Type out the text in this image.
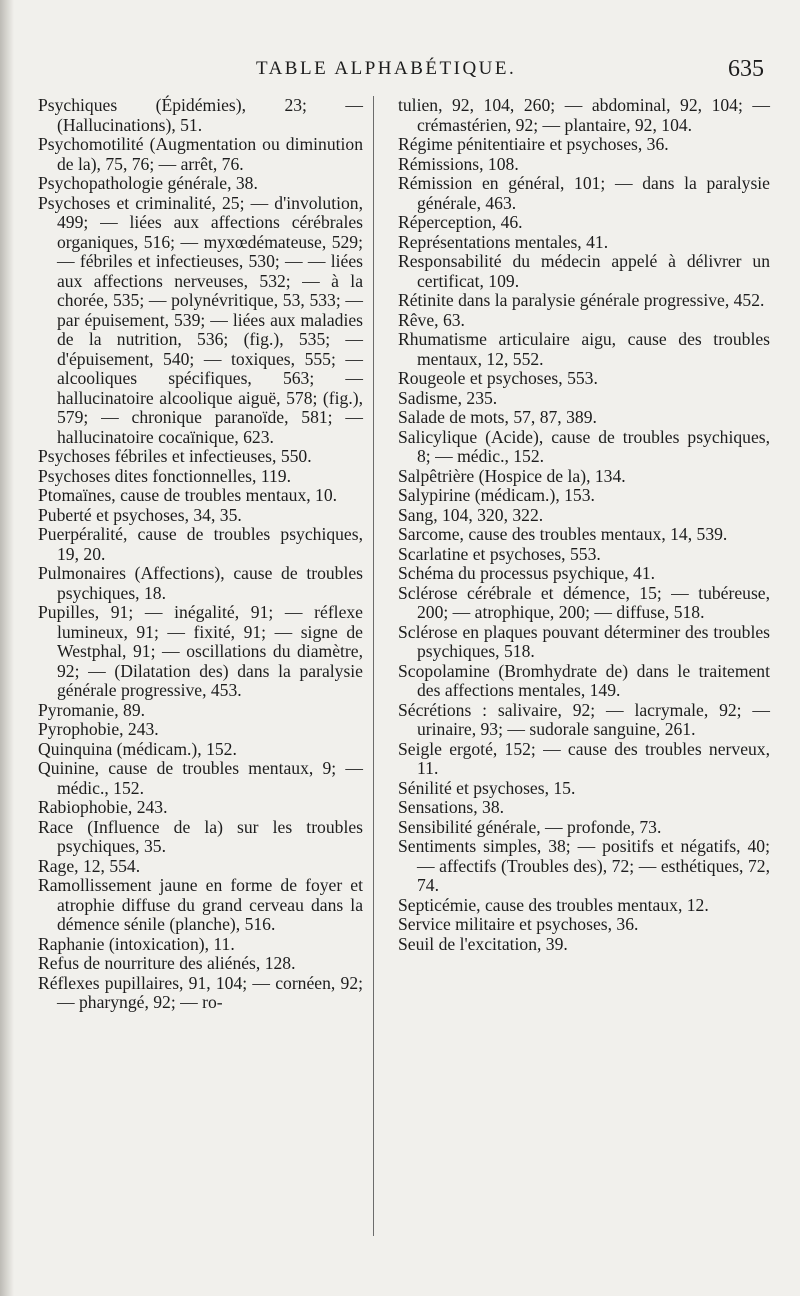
TABLE ALPHABÉTIQUE.	635

Psychiques (Épidémies), 23; — (Hallucinations), 51.

Psychomotilité (Augmentation ou diminution de la), 75, 76; — arrêt, 76.

Psychopathologie générale, 38.

Psychoses et criminalité, 25; — d'involution, 499; — liées aux affections cérébrales organiques, 516; — myxœdémateuse, 529; — fébriles et infectieuses, 530; — — liées aux affections nerveuses, 532; — à la chorée, 535; — polynévritique, 53, 533; — par épuisement, 539; — liées aux maladies de la nutrition, 536; (fig.), 535; — d'épuisement, 540; — toxiques, 555; — alcooliques spécifiques, 563; — hallucinatoire alcoolique aiguë, 578; (fig.), 579; — chronique paranoïde, 581; — hallucinatoire cocaïnique, 623.

Psychoses fébriles et infectieuses, 550.

Psychoses dites fonctionnelles, 119.

Ptomaïnes, cause de troubles mentaux, 10.

Puberté et psychoses, 34, 35.

Puerpéralité, cause de troubles psychiques, 19, 20.

Pulmonaires (Affections), cause de troubles psychiques, 18.

Pupilles, 91; — inégalité, 91; — réflexe lumineux, 91; — fixité, 91; — signe de Westphal, 91; — oscillations du diamètre, 92; — (Dilatation des) dans la paralysie générale progressive, 453.

Pyromanie, 89.

Pyrophobie, 243.

Quinquina (médicam.), 152.

Quinine, cause de troubles mentaux, 9; — médic., 152.

Rabiophobie, 243.

Race (Influence de la) sur les troubles psychiques, 35.

Rage, 12, 554.

Ramollissement jaune en forme de foyer et atrophie diffuse du grand cerveau dans la démence sénile (planche), 516.

Raphanie (intoxication), 11.

Refus de nourriture des aliénés, 128.

Réflexes pupillaires, 91, 104; — cornéen, 92; — pharyngé, 92; — ro-

tulien, 92, 104, 260; — abdominal, 92, 104; — crémastérien, 92; — plantaire, 92, 104.

Régime pénitentiaire et psychoses, 36.

Rémissions, 108.

Rémission en général, 101; — dans la paralysie générale, 463.

Réperception, 46.

Représentations mentales, 41.

Responsabilité du médecin appelé à délivrer un certificat, 109.

Rétinite dans la paralysie générale progressive, 452.

Rêve, 63.

Rhumatisme articulaire aigu, cause des troubles mentaux, 12, 552.

Rougeole et psychoses, 553.

Sadisme, 235.

Salade de mots, 57, 87, 389.

Salicylique (Acide), cause de troubles psychiques, 8; — médic., 152.

Salpêtrière (Hospice de la), 134.

Salypirine (médicam.), 153.

Sang, 104, 320, 322.

Sarcome, cause des troubles mentaux, 14, 539.

Scarlatine et psychoses, 553.

Schéma du processus psychique, 41.

Sclérose cérébrale et démence, 15; — tubéreuse, 200; — atrophique, 200; — diffuse, 518.

Sclérose en plaques pouvant déterminer des troubles psychiques, 518.

Scopolamine (Bromhydrate de) dans le traitement des affections mentales, 149.

Sécrétions : salivaire, 92; — lacrymale, 92; — urinaire, 93; — sudorale sanguine, 261.

Seigle ergoté, 152; — cause des troubles nerveux, 11.

Sénilité et psychoses, 15.

Sensations, 38.

Sensibilité générale, — profonde, 73.

Sentiments simples, 38; — positifs et négatifs, 40; — affectifs (Troubles des), 72; — esthétiques, 72, 74.

Septicémie, cause des troubles mentaux, 12.

Service militaire et psychoses, 36.

Seuil de l'excitation, 39.
